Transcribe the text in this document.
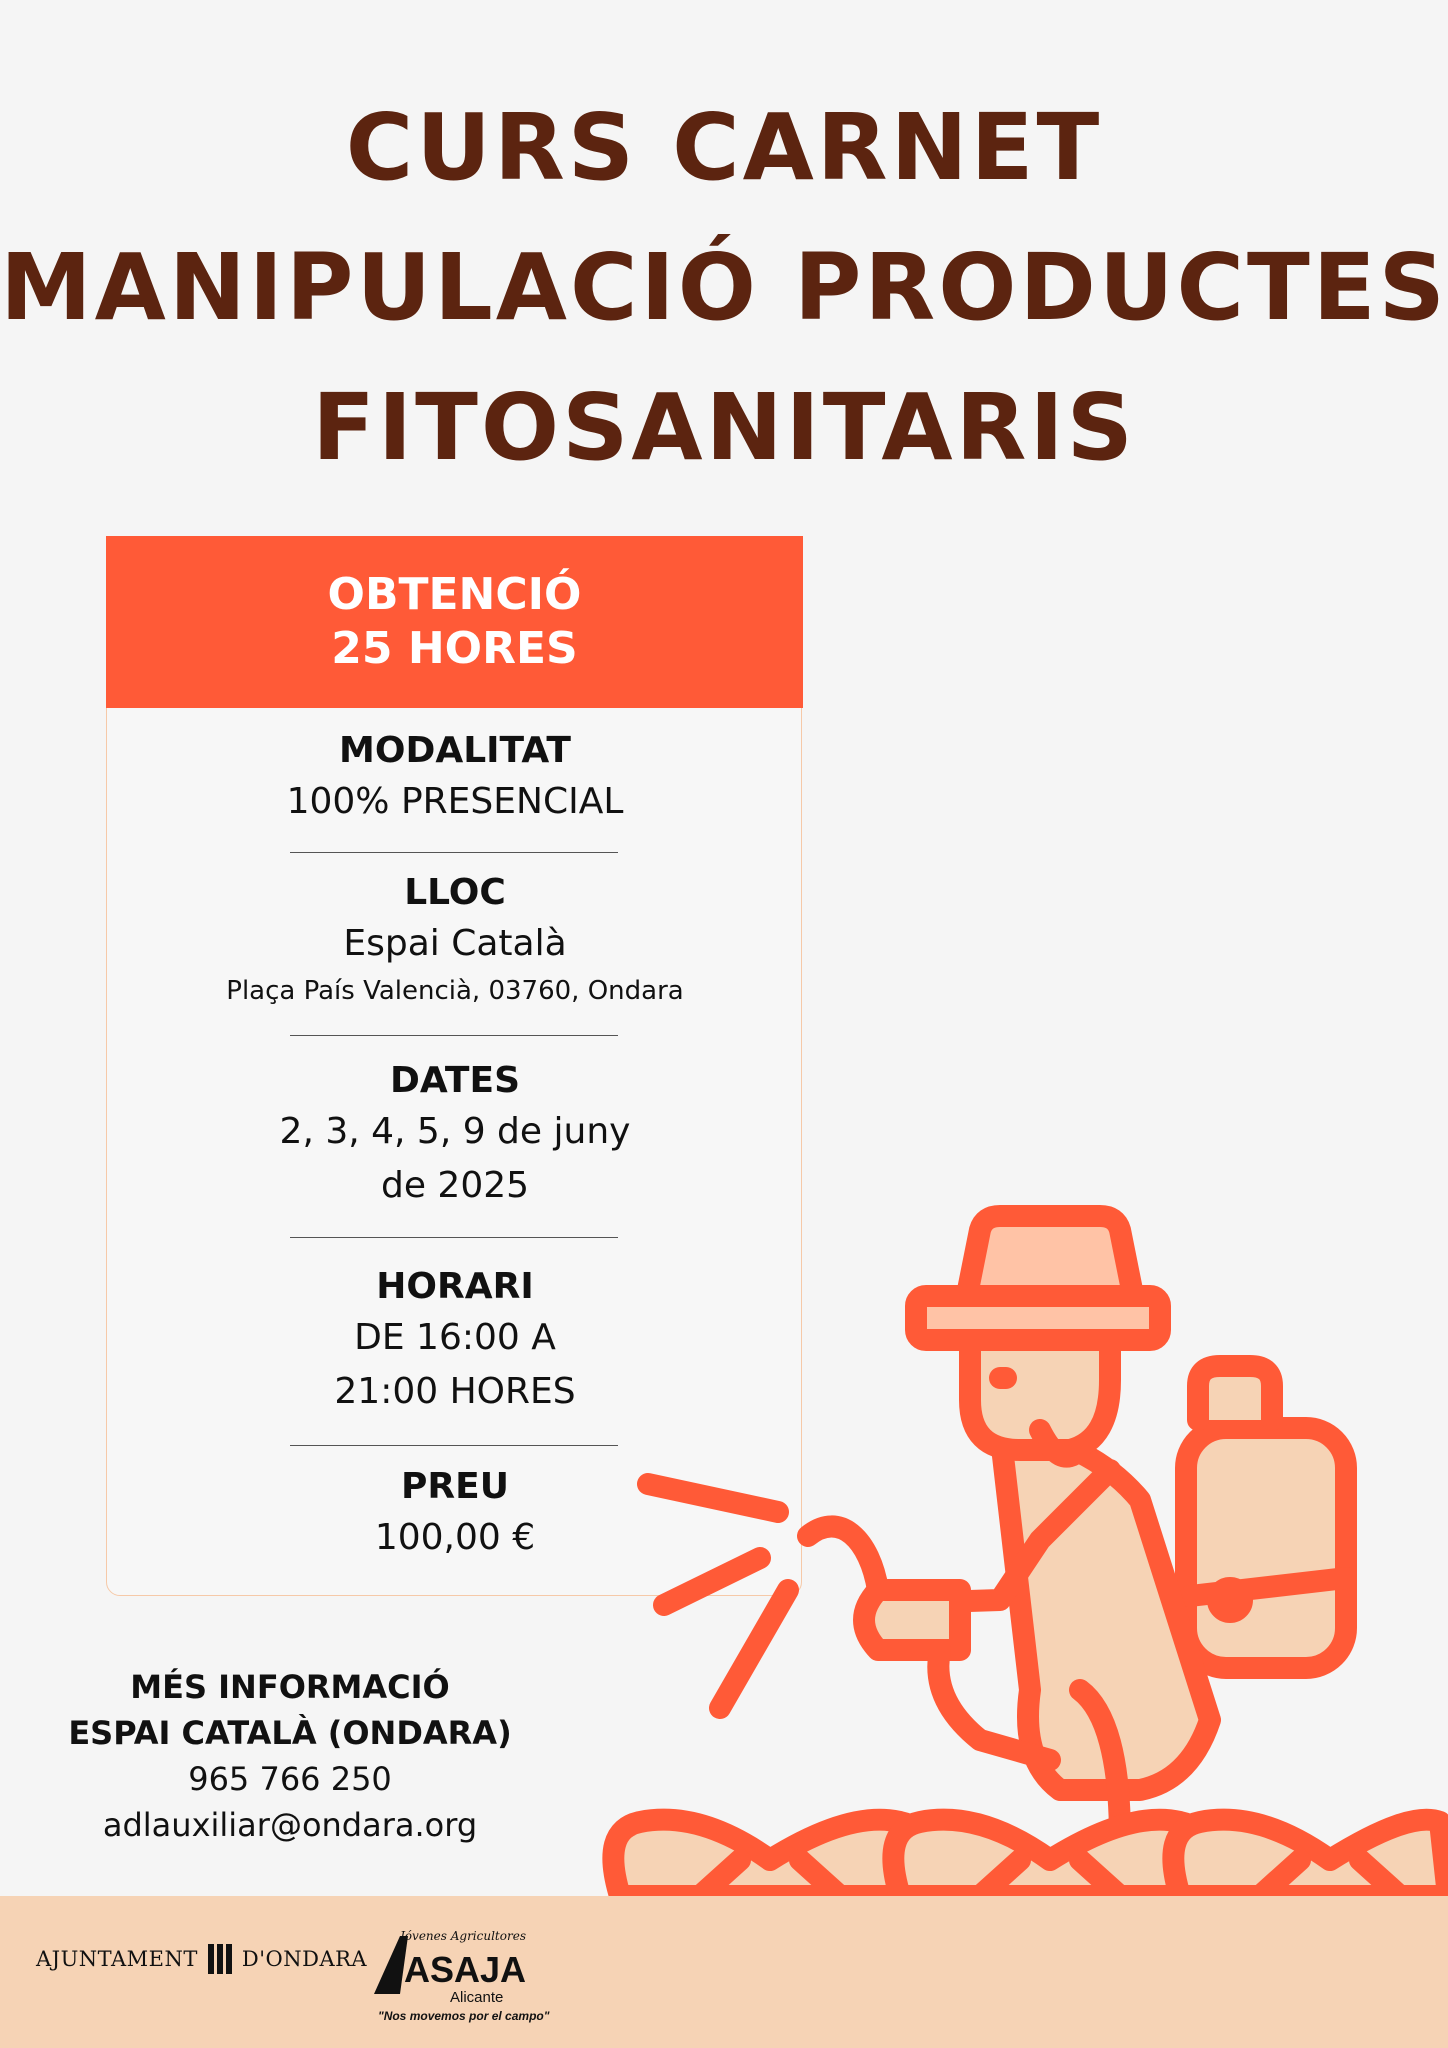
CURS CARNET
MANIPULACIÓ PRODUCTES
FITOSANITARIS
OBTENCIÓ
25 HORES
MODALITAT
100% PRESENCIAL
LLOC
Espai Català
Plaça País Valencià, 03760, Ondara
DATES
2, 3, 4, 5, 9 de juny
de 2025
HORARI
DE 16:00 A
21:00 HORES
PREU
100,00 €
MÉS INFORMACIÓ
ESPAI CATALÀ (ONDARA)
965 766 250
adlauxiliar@ondara.org
AJUNTAMENT D'ONDARA
Jóvenes Agricultores
ASAJA
Alicante
"Nos movemos por el campo"
